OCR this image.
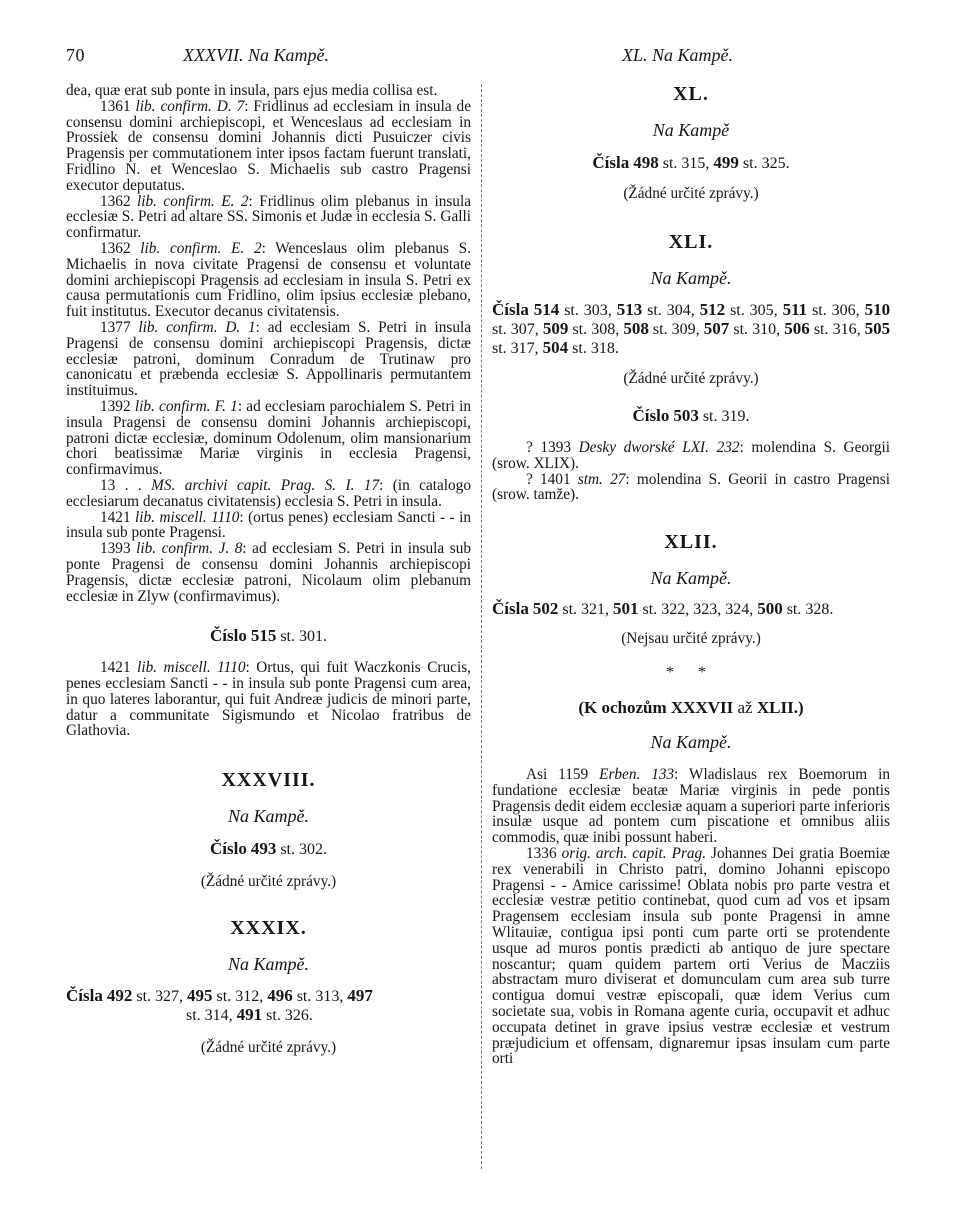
70	XXXVII. Na Kampě.	XL. Na Kampě.

dea, quæ erat sub ponte in insula, pars ejus media collisa est.

1361 lib. confirm. D. 7: Fridlinus ad ecclesiam in insula de consensu domini archiepiscopi, et Wenceslaus ad ecclesiam in Prossiek de consensu domini Johannis dicti Pusuiczer civis Pragensis per commutationem inter ipsos factam fuerunt translati, Fridlino N. et Wenceslao S. Michaelis sub castro Pragensi executor deputatus.

1362 lib. confirm. E. 2: Fridlinus olim plebanus in insula ecclesiæ S. Petri ad altare SS. Simonis et Judæ in ecclesia S. Galli confirmatur.

1362 lib. confirm. E. 2: Wenceslaus olim plebanus S. Michaelis in nova civitate Pragensi de consensu et voluntate domini archiepiscopi Pragensis ad ecclesiam in insula S. Petri ex causa permutationis cum Fridlino, olim ipsius ecclesiæ plebano, fuit institutus. Executor decanus civitatensis.

1377 lib. confirm. D. 1: ad ecclesiam S. Petri in insula Pragensi de consensu domini archiepiscopi Pragensis, dictæ ecclesiæ patroni, dominum Conradum de Trutinaw pro canonicatu et præbenda ecclesiæ S. Appollinaris permutantem instituimus.

1392 lib. confirm. F. 1: ad ecclesiam parochialem S. Petri in insula Pragensi de consensu domini Johannis archiepiscopi, patroni dictæ ecclesiæ, dominum Odolenum, olim mansionarium chori beatissimæ Mariæ virginis in ecclesia Pragensi, confirmavimus.

13 . . MS. archivi capit. Prag. S. I. 17: (in catalogo ecclesiarum decanatus civitatensis) ecclesia S. Petri in insula.

1421 lib. miscell. 1110: (ortus penes) ecclesiam Sancti - - in insula sub ponte Pragensi.

1393 lib. confirm. J. 8: ad ecclesiam S. Petri in insula sub ponte Pragensi de consensu domini Johannis archiepiscopi Pragensis, dictæ ecclesiæ patroni, Nicolaum olim plebanum ecclesiæ in Zlyw (confirmavimus).

Číslo 515 st. 301.

1421 lib. miscell. 1110: Ortus, qui fuit Waczkonis Crucis, penes ecclesiam Sancti - - in insula sub ponte Pragensi cum area, in quo lateres laborantur, qui fuit Andreæ judicis de minori parte, datur a communitate Sigismundo et Nicolao fratribus de Glathovia.

XXXVIII.

Na Kampě.

Číslo 493 st. 302.

(Žádné určité zprávy.)

XXXIX.

Na Kampě.

Čísla 492 st. 327, 495 st. 312, 496 st. 313, 497
st. 314, 491 st. 326.

(Žádné určité zprávy.)

XL.

Na Kampě

Čísla 498 st. 315, 499 st. 325.

(Žádné určité zprávy.)

XLI.

Na Kampě.

Čísla 514 st. 303, 513 st. 304, 512 st. 305, 511 st. 306, 510 st. 307, 509 st. 308, 508 st. 309, 507 st. 310, 506 st. 316, 505 st. 317, 504 st. 318.

(Žádné určité zprávy.)

Číslo 503 st. 319.

? 1393 Desky dworské LXI. 232: molendina S. Georgii (srow. XLIX).

? 1401 stm. 27: molendina S. Georii in castro Pragensi (srow. tamže).

XLII.

Na Kampě.

Čísla 502 st. 321, 501 st. 322, 323, 324, 500 st. 328.

(Nejsau určité zprávy.)

* *

(K ochozům XXXVII až XLII.)

Na Kampě.

Asi 1159 Erben. 133: Wladislaus rex Boemorum in fundatione ecclesiæ beatæ Mariæ virginis in pede pontis Pragensis dedit eidem ecclesiæ aquam a superiori parte inferioris insulæ usque ad pontem cum piscatione et omnibus aliis commodis, quæ inibi possunt haberi.

1336 orig. arch. capit. Prag. Johannes Dei gratia Boemiæ rex venerabili in Christo patri, domino Johanni episcopo Pragensi - - Amice carissime! Oblata nobis pro parte vestra et ecclesiæ vestræ petitio continebat, quod cum ad vos et ipsam Pragensem ecclesiam insula sub ponte Pragensi in amne Wlitauiæ, contigua ipsi ponti cum parte orti se protendente usque ad muros pontis prædicti ab antiquo de jure spectare noscantur; quam quidem partem orti Verius de Macziis abstractam muro diviserat et domunculam cum area sub turre contigua domui vestræ episcopali, quæ idem Verius cum societate sua, vobis in Romana agente curia, occupavit et adhuc occupata detinet in grave ipsius vestræ ecclesiæ et vestrum præjudicium et offensam, dignaremur ipsas insulam cum parte orti
